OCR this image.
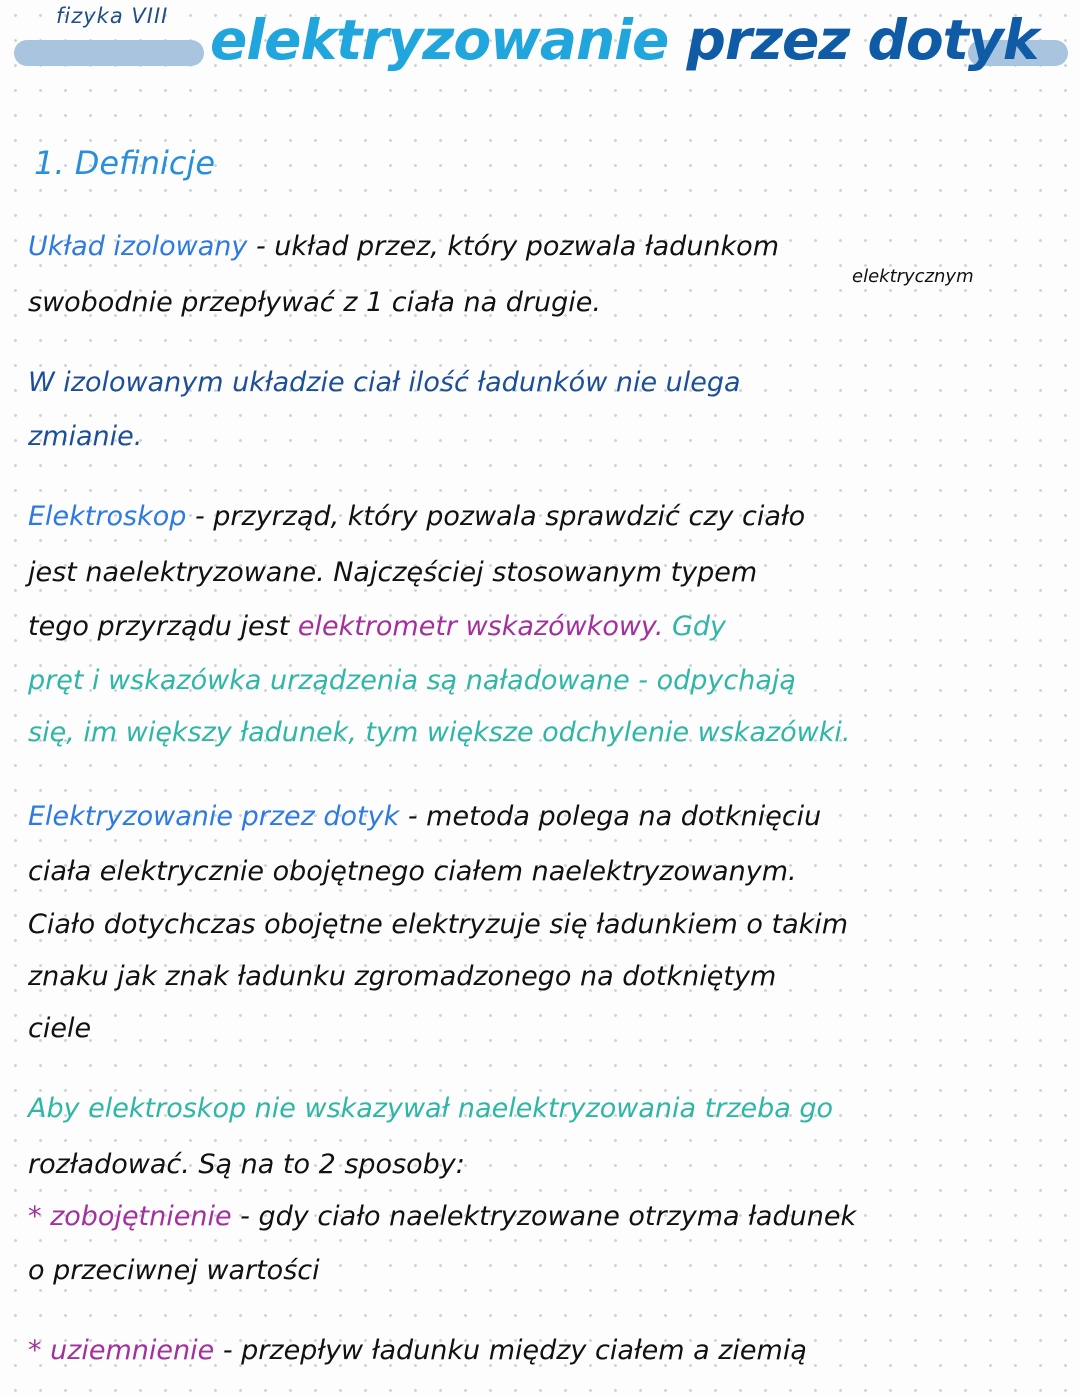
fizyka VIII elektryzowanie przez dotyk
1. Definicje
Układ izolowany - układ przez, który pozwala ładunkom
elektrycznym
swobodnie przepływać z 1 ciała na drugie.
W izolowanym układzie ciał ilość ładunków nie ulega
zmianie.
Elektroskop - przyrząd, który pozwala sprawdzić czy ciało
jest naelektryzowane. Najczęściej stosowanym typem
tego przyrządu jest elektrometr wskazówkowy. Gdy
pręt i wskazówka urządzenia są naładowane - odpychają
się, im większy ładunek, tym większe odchylenie wskazówki.
Elektryzowanie przez dotyk - metoda polega na dotknięciu
ciała elektrycznie obojętnego ciałem naelektryzowanym.
Ciało dotychczas obojętne elektryzuje się ładunkiem o takim
znaku jak znak ładunku zgromadzonego na dotkniętym
ciele
Aby elektroskop nie wskazywał naelektryzowania trzeba go
rozładować. Są na to 2 sposoby:
* zobojętnienie - gdy ciało naelektryzowane otrzyma ładunek
o przeciwnej wartości
* uziemnienie - przepływ ładunku między ciałem a ziemią
